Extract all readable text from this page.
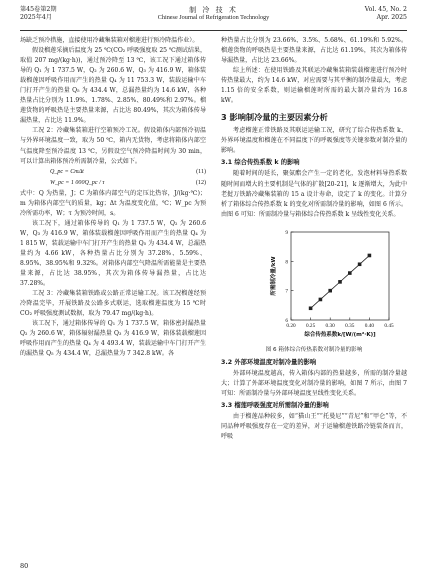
第45卷第2期
2025年4月
制 冷 技 术
Chinese Journal of Refrigeration Technology
Vol. 45, No. 2
Apr. 2025

场缺乏预冷措施，直接使用冷藏集装箱对榴莲进行预冷降温作业）。

假设榴莲采摘后温度为 25 ℃(CO₂ 呼吸强度取 25 ℃测试结果，取值 207 mg/(kg·h))，通过预冷降至 13 ℃，该工况下通过箱体传导的 Q₁ 为 1 737.5 W，Q₂ 为 260.6 W，Q₃ 为 416.9 W，箱体装载榴莲因呼吸作用而产生的热量 Q₄ 为 11 753.3 W，装载运输中车门打开产生的热量 Q₅ 为 434.4 W，总漏热量约为 14.6 kW，各种热量占比分别为 11.9%、1.78%、2.85%、80.49%和 2.97%。榴莲货物的呼吸热是主要热量来源，占比达 80.49%，其次为箱体传导漏热量，占比达 11.9%。

工况 2：冷藏集装箱进行空箱预冷工况。假设箱体内部预冷初温与外界环境温度一致，取为 50 ℃，箱内无货物，考虑将箱体内部空气温度降至预冷温度 13 ℃，另假设空气预冷降温时间为 30 min，可以计算出箱体预冷所需制冷量，公式如下。

Q_pc = CmΔt	(11)
W_pc = 1 000Q_pc / τ	(12)

式中：Q 为热量，J；C 为箱体内部空气的定压比热容，J/(kg·℃)；m 为箱体内部空气的质量，kg；Δt 为温度变化值，℃；W_pc 为预冷所需功率，W；τ 为预冷时间，s。

该工况下，通过箱体传导的 Q₁ 为 1 737.5 W，Q₂ 为 260.6 W，Q₃ 为 416.9 W，箱体装载榴莲因呼吸作用而产生的热量 Q₄ 为 1 815 W，装载运输中车门打开产生的热量 Q₅ 为 434.4 W，总漏热量约为 4.66 kW，各种热量占比分别为 37.28%、5.59%、8.95%、38.95%和 9.32%。对箱体内部空气降温所需能量是主要热量来源，占比达 38.95%，其次为箱体传导漏热量，占比达 37.28%。

工况 3：冷藏集装箱铁路或公路正常运输工况。该工况榴莲经预冷降温完毕，开展铁路及公路多式联运，选取榴莲温度为 15 ℃时 CO₂ 呼吸强度测试数据，取为 79.47 mg/(kg·h)。

该工况下，通过箱体传导的 Q₁ 为 1 737.5 W，箱体密封漏热量 Q₂ 为 260.6 W，箱体辐射漏热量 Q₃ 为 416.9 W，箱体装载榴莲因呼吸作用而产生的热量 Q₄ 为 4 493.4 W，装载运输中车门打开产生的漏热量 Q₅ 为 434.4 W，总漏热量为 7 342.8 kW。各

种热量占比分别为 23.66%、3.5%、5.68%、61.19%和 5.92%。榴莲货物的呼吸热是主要热量来源，占比达 61.19%，其次为箱体传导漏热量，占比达 23.66%。

综上所述：在使用铁路及其联运冷藏集装箱装载榴莲进行预冷时传热量最大，约为 14.6 kW，对应需要与其平衡的制冷量最大，考虑 1.15 倍的安全系数，则运输榴莲时所需的最大制冷量约为 16.8 kW。

3 影响制冷量的主要因素分析

考虑榴莲正常铁路及其联运运输工况，研究了综合传热系数 k、外界环境温度和榴莲在不同温度下的呼吸强度等关键参数对制冷量的影响。

3.1 综合传热系数 k 的影响

随着时间的延长，聚氨酯会产生一定的老化，发泡材料导热系数随时间而增大的主要机制是气体的扩散[20-21]，k 逐渐增大，为此中老挝万铁路冷藏集装箱的 15 a 设计寿命，设定了 k 的变化。计算分析了箱体综合传热系数 k 的变化对所需制冷量的影响，如图 6 所示。由图 6 可知：所需制冷量与箱体综合传热系数 k 呈线性变化关系。

0.20 0.25 0.30 0.35 0.40 0.45
6
7
8
9
综合传热系数k/[W/(m²·K)]
所需制冷量/kW
图 6 箱体综合传热系数对制冷量的影响
3.2 外部环境温度对制冷量的影响

外部环境温度越高，传入箱体内部的热量越多，所需的制冷量越大；计算了外部环境温度变化对制冷量的影响，如图 7 所示，由图 7 可知：所需制冷量与外部环境温度呈线性变化关系。

3.3 榴莲呼吸强度对所需制冷量的影响

由于榴莲品种较多，如“猫山王”“托曼尼”“青尼”和“甲仑”等，不同品种呼吸强度存在一定的差异，对于运输榴莲铁路冷链装备而言，呼吸

80
